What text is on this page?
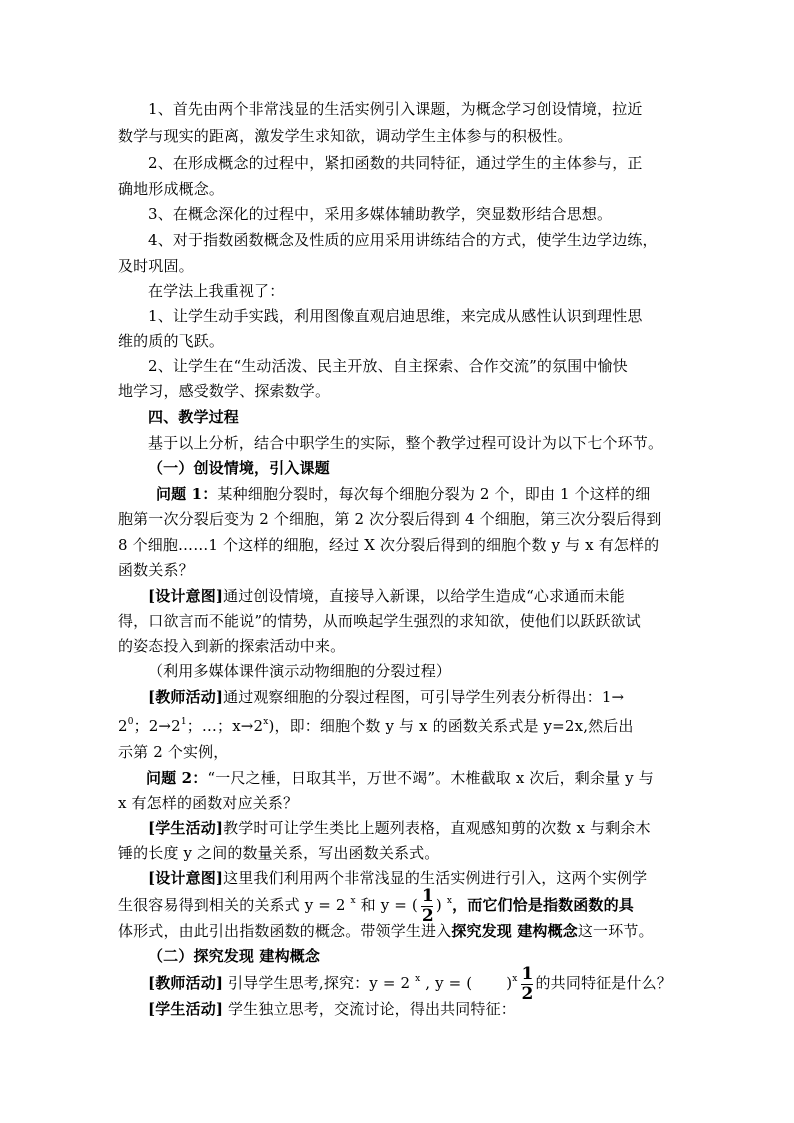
1、首先由两个非常浅显的生活实例引入课题，为概念学习创设情境，拉近
数学与现实的距离，激发学生求知欲，调动学生主体参与的积极性。
2、在形成概念的过程中，紧扣函数的共同特征，通过学生的主体参与，正
确地形成概念。
3、在概念深化的过程中，采用多媒体辅助教学，突显数形结合思想。
4、对于指数函数概念及性质的应用采用讲练结合的方式，使学生边学边练，
及时巩固。
在学法上我重视了：
1、让学生动手实践，利用图像直观启迪思维，来完成从感性认识到理性思
维的质的飞跃。
2、让学生在“生动活泼、民主开放、自主探索、合作交流”的氛围中愉快
地学习，感受数学、探索数学。
四、教学过程
基于以上分析，结合中职学生的实际，整个教学过程可设计为以下七个环节。
（一）创设情境，引入课题
问题 1：某种细胞分裂时，每次每个细胞分裂为 2 个，即由 1 个这样的细
胞第一次分裂后变为 2 个细胞，第 2 次分裂后得到 4 个细胞，第三次分裂后得到
8 个细胞……1 个这样的细胞，经过 X 次分裂后得到的细胞个数 y 与 x 有怎样的
函数关系？
[设计意图]通过创设情境，直接导入新课，以给学生造成“心求通而未能
得，口欲言而不能说”的情势，从而唤起学生强烈的求知欲，使他们以跃跃欲试
的姿态投入到新的探索活动中来。
（利用多媒体课件演示动物细胞的分裂过程）
[教师活动]通过观察细胞的分裂过程图，可引导学生列表分析得出：1→
$2^0$；$2\to 2^1$；…；$x\to 2^x$)，即：细胞个数 y 与 x 的函数关系式是 y=2x,然后出
示第 2 个实例，
问题 2：“一尺之棰，日取其半，万世不竭”。木椎截取 x 次后，剩余量 y 与
x 有怎样的函数对应关系？
[学生活动]教学时可让学生类比上题列表格，直观感知剪的次数 x 与剩余木
锤的长度 y 之间的数量关系，写出函数关系式。
[设计意图]这里我们利用两个非常浅显的生活实例进行引入，这两个实例学
生很容易得到相关的关系式 y = 2 $^x$ 和 y = ( $\frac{1}{2}$ ) $^x$，而它们恰是指数函数的具
体形式，由此引出指数函数的概念。带领学生进入探究发现 建构概念这一环节。
（二）探究发现 建构概念
[教师活动] 引导学生思考,探究：y = 2 $^x$ , y = ( )$^x \frac{1}{2}$ 的共同特征是什么？
[学生活动] 学生独立思考，交流讨论，得出共同特征：
